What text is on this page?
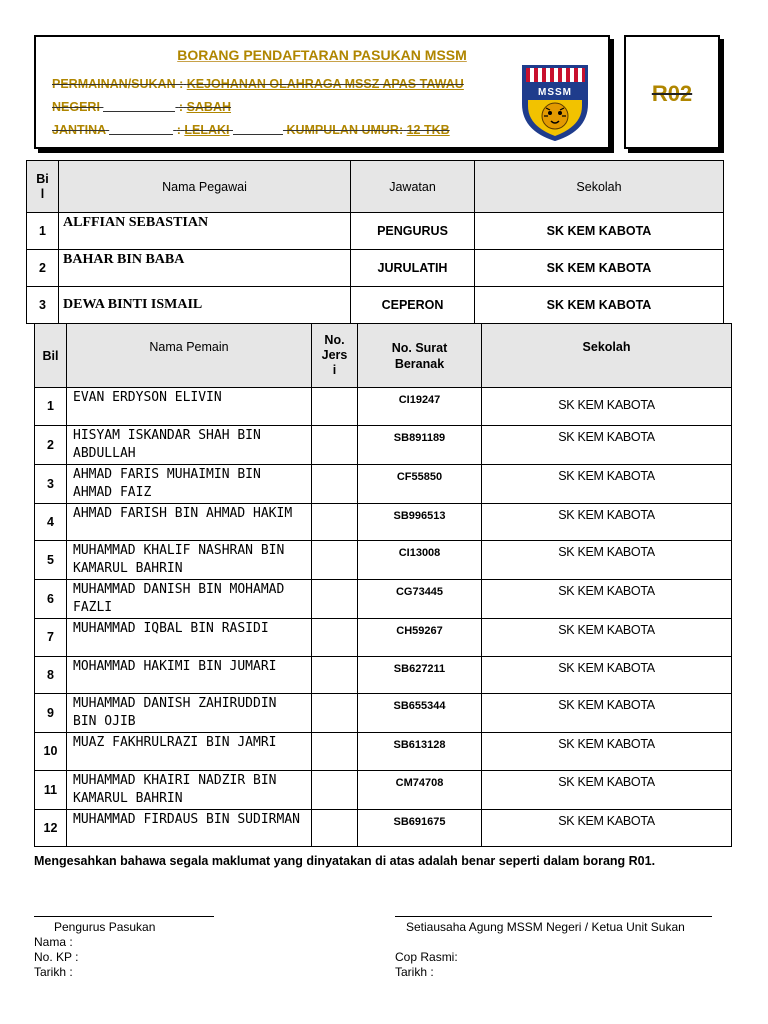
BORANG PENDAFTARAN PASUKAN MSSM
PERMAINAN/SUKAN : KEJOHANAN OLAHRAGA MSSZ APAS TAWAU
NEGERI	: SABAH
JANTINA	: LELAKI	KUMPULAN UMUR: 12 TKB
MSSM	R02
Bi l	Nama Pegawai	Jawatan	Sekolah
1	ALFFIAN SEBASTIAN	PENGURUS	SK KEM KABOTA
2	BAHAR BIN BABA	JURULATIH	SK KEM KABOTA
3	DEWA BINTI ISMAIL	CEPERON	SK KEM KABOTA
Bil	Nama Pemain	No. Jers i	No. Surat Beranak	Sekolah
1	EVAN ERDYSON ELIVIN		CI19247	SK KEM KABOTA
2	HISYAM ISKANDAR SHAH BIN ABDULLAH		SB891189	SK KEM KABOTA
3	AHMAD FARIS MUHAIMIN BIN AHMAD FAIZ		CF55850	SK KEM KABOTA
4	AHMAD FARISH BIN AHMAD HAKIM		SB996513	SK KEM KABOTA
5	MUHAMMAD KHALIF NASHRAN BIN KAMARUL BAHRIN		CI13008	SK KEM KABOTA
6	MUHAMMAD DANISH BIN MOHAMAD FAZLI		CG73445	SK KEM KABOTA
7	MUHAMMAD IQBAL BIN RASIDI		CH59267	SK KEM KABOTA
8	MOHAMMAD HAKIMI BIN JUMARI		SB627211	SK KEM KABOTA
9	MUHAMMAD DANISH ZAHIRUDDIN BIN OJIB		SB655344	SK KEM KABOTA
10	MUAZ FAKHRULRAZI BIN JAMRI		SB613128	SK KEM KABOTA
11	MUHAMMAD KHAIRI NADZIR BIN KAMARUL BAHRIN		CM74708	SK KEM KABOTA
12	MUHAMMAD FIRDAUS BIN SUDIRMAN		SB691675	SK KEM KABOTA
Mengesahkan bahawa segala maklumat yang dinyatakan di atas adalah benar seperti dalam borang R01.
Pengurus Pasukan
Nama :
No. KP :
Tarikh :
Setiausaha Agung MSSM Negeri / Ketua Unit Sukan
Cop Rasmi:
Tarikh :
